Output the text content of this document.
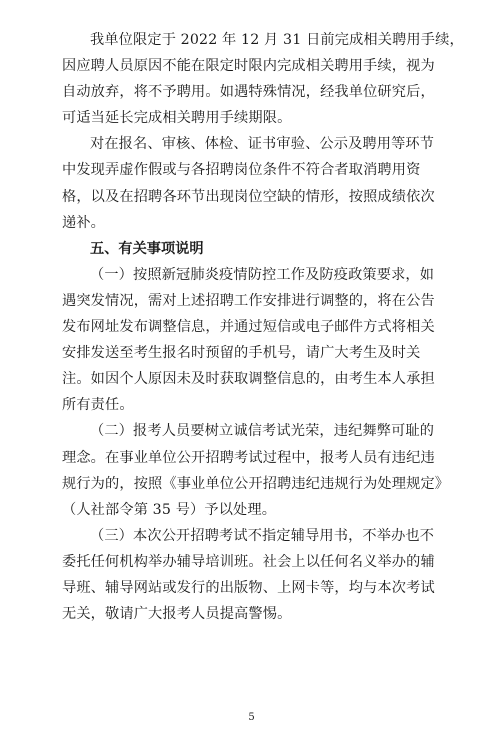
我单位限定于 2022 年 12 月 31 日前完成相关聘用手续，
因应聘人员原因不能在限定时限内完成相关聘用手续，视为
自动放弃，将不予聘用。如遇特殊情况，经我单位研究后，
可适当延长完成相关聘用手续期限。

对在报名、审核、体检、证书审验、公示及聘用等环节
中发现弄虚作假或与各招聘岗位条件不符合者取消聘用资
格，以及在招聘各环节出现岗位空缺的情形，按照成绩依次
递补。

五、有关事项说明

（一）按照新冠肺炎疫情防控工作及防疫政策要求，如
遇突发情况，需对上述招聘工作安排进行调整的，将在公告
发布网址发布调整信息，并通过短信或电子邮件方式将相关
安排发送至考生报名时预留的手机号，请广大考生及时关
注。如因个人原因未及时获取调整信息的，由考生本人承担
所有责任。

（二）报考人员要树立诚信考试光荣，违纪舞弊可耻的
理念。在事业单位公开招聘考试过程中，报考人员有违纪违
规行为的，按照《事业单位公开招聘违纪违规行为处理规定》
（人社部令第 35 号）予以处理。

（三）本次公开招聘考试不指定辅导用书，不举办也不
委托任何机构举办辅导培训班。社会上以任何名义举办的辅
导班、辅导网站或发行的出版物、上网卡等，均与本次考试
无关，敬请广大报考人员提高警惕。

5
